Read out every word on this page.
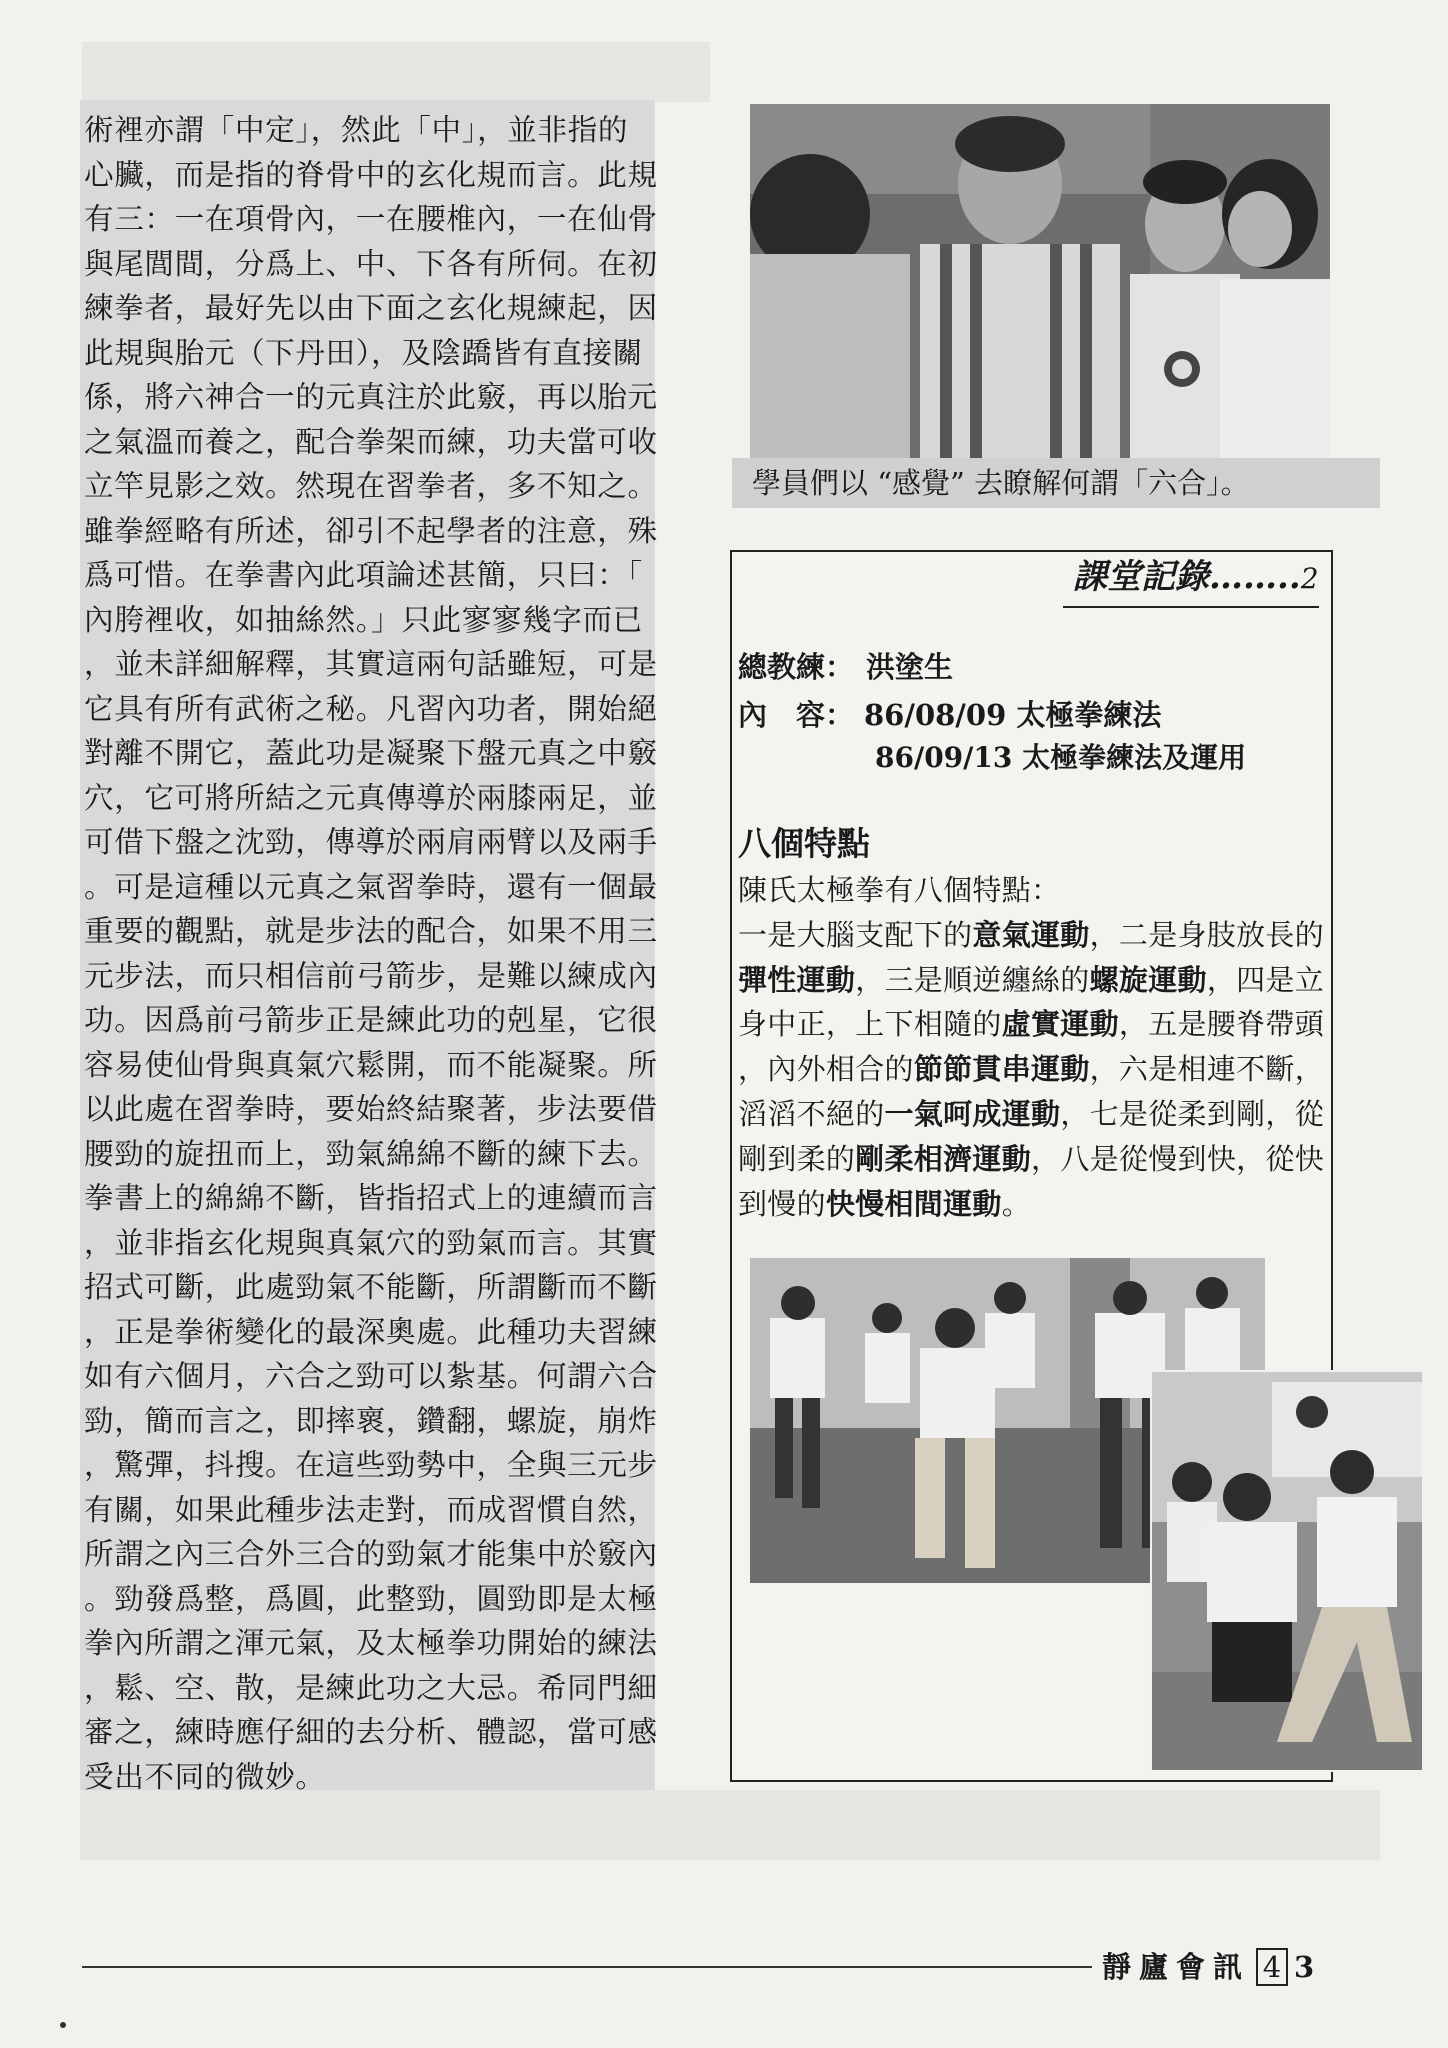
術裡亦謂「中定」，然此「中」，並非指的
心臟，而是指的脊骨中的玄化規而言。此規
有三：一在項骨內，一在腰椎內，一在仙骨
與尾閭間，分爲上、中、下各有所伺。在初
練拳者，最好先以由下面之玄化規練起，因
此規與胎元（下丹田），及陰蹻皆有直接關
係，將六神合一的元真注於此竅，再以胎元
之氣溫而養之，配合拳架而練，功夫當可收
立竿見影之效。然現在習拳者，多不知之。
雖拳經略有所述，卻引不起學者的注意，殊
爲可惜。在拳書內此項論述甚簡，只曰：「
內胯裡收，如抽絲然。」只此寥寥幾字而已
，並未詳細解釋，其實這兩句話雖短，可是
它具有所有武術之秘。凡習內功者，開始絕
對離不開它，蓋此功是凝聚下盤元真之中竅
穴，它可將所結之元真傳導於兩膝兩足，並
可借下盤之沈勁，傳導於兩肩兩臂以及兩手
。可是這種以元真之氣習拳時，還有一個最
重要的觀點，就是步法的配合，如果不用三
元步法，而只相信前弓箭步，是難以練成內
功。因爲前弓箭步正是練此功的剋星，它很
容易使仙骨與真氣穴鬆開，而不能凝聚。所
以此處在習拳時，要始終結聚著，步法要借
腰勁的旋扭而上，勁氣綿綿不斷的練下去。
拳書上的綿綿不斷，皆指招式上的連續而言
，並非指玄化規與真氣穴的勁氣而言。其實
招式可斷，此處勁氣不能斷，所謂斷而不斷
，正是拳術變化的最深奧處。此種功夫習練
如有六個月，六合之勁可以紮基。何謂六合
勁，簡而言之，即摔褱，鑽翻，螺旋，崩炸
，驚彈，抖搜。在這些勁勢中，全與三元步
有關，如果此種步法走對，而成習慣自然，
所謂之內三合外三合的勁氣才能集中於竅內
。勁發爲整，爲圓，此整勁，圓勁即是太極
拳內所謂之渾元氣，及太極拳功開始的練法
，鬆、空、散，是練此功之大忌。希同門細
審之，練時應仔細的去分析、體認，當可感
受出不同的微妙。
學員們以 “感覺” 去瞭解何謂「六合」。
課堂記錄……..2
總教練： 洪塗生
內　容： 86/08/09 太極拳練法
86/09/13 太極拳練法及運用
八個特點
陳氏太極拳有八個特點：
一是大腦支配下的意氣運動，二是身肢放長的
彈性運動，三是順逆纏絲的螺旋運動，四是立
身中正，上下相隨的虛實運動，五是腰脊帶頭
，內外相合的節節貫串運動，六是相連不斷，
滔滔不絕的一氣呵成運動，七是從柔到剛，從
剛到柔的剛柔相濟運動，八是從慢到快，從快
到慢的快慢相間運動。
靜廬會訊 4 3
